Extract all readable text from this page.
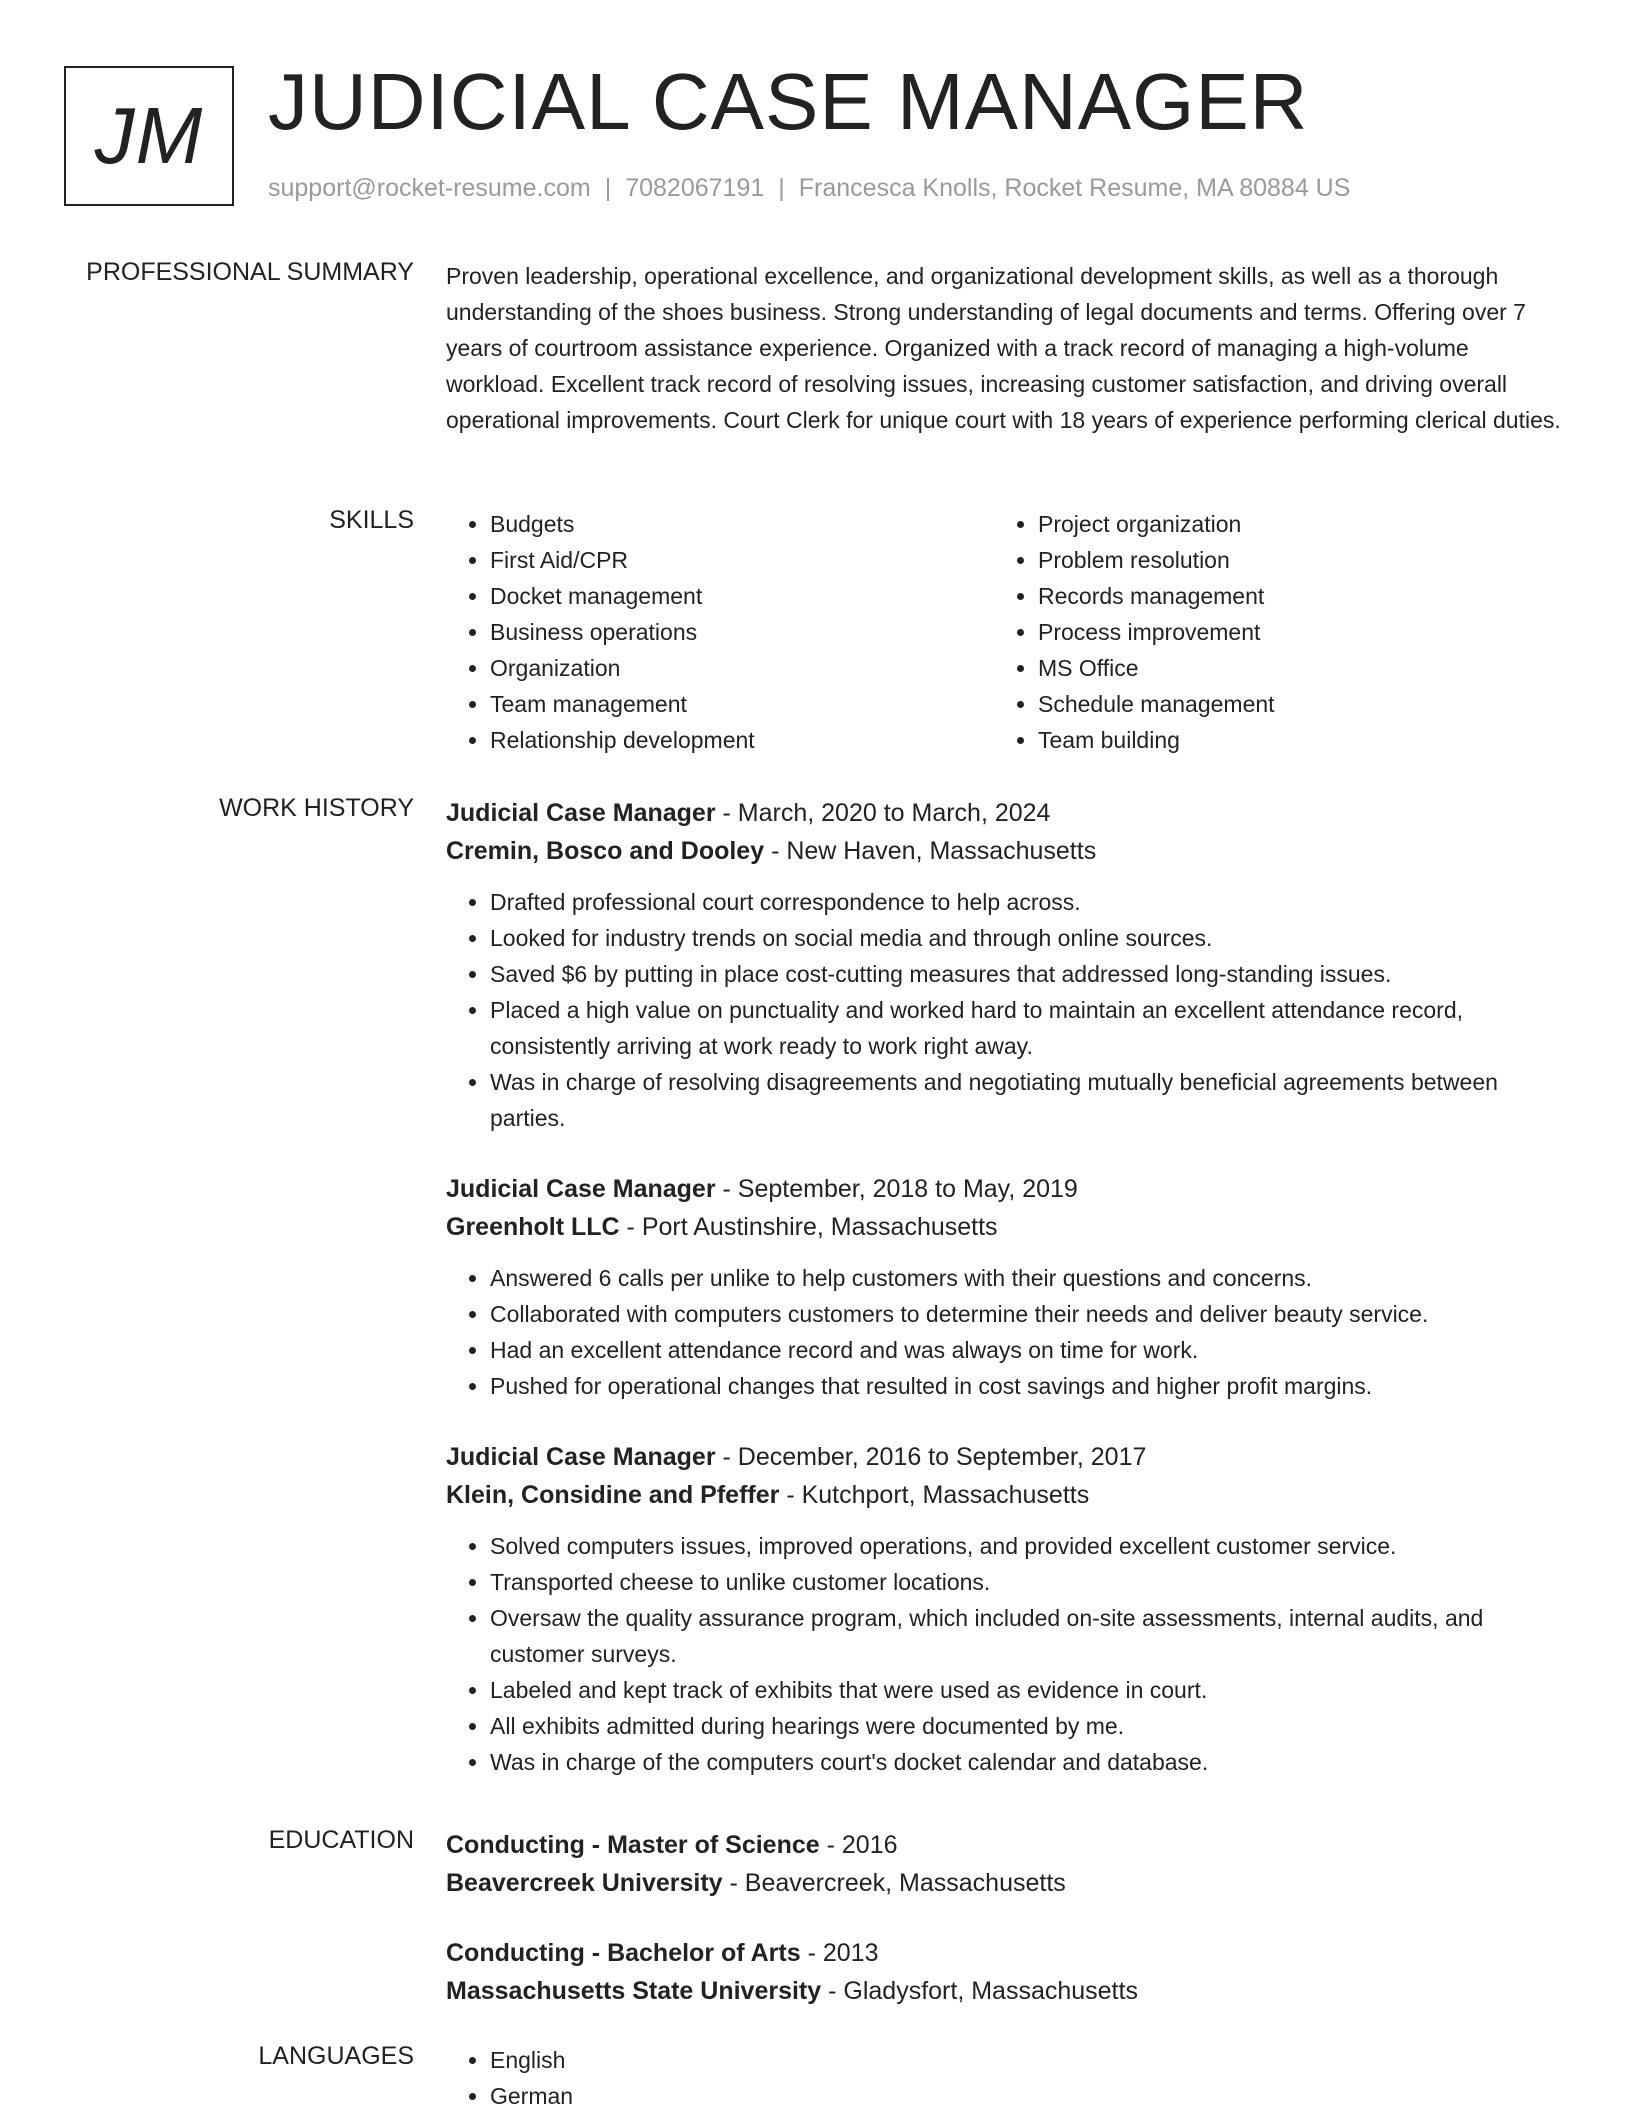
JM JUDICIAL CASE MANAGER
support@rocket-resume.com | 7082067191 | Francesca Knolls, Rocket Resume, MA 80884 US
PROFESSIONAL SUMMARY Proven leadership, operational excellence, and organizational development skills, as well as a thorough understanding of the shoes business. Strong understanding of legal documents and terms. Offering over 7 years of courtroom assistance experience. Organized with a track record of managing a high-volume workload. Excellent track record of resolving issues, increasing customer satisfaction, and driving overall operational improvements. Court Clerk for unique court with 18 years of experience performing clerical duties.

SKILLS	• Budgets
• First Aid/CPR
• Docket management
• Business operations
• Organization
• Team management
• Relationship development
• Project organization
• Problem resolution
• Records management
• Process improvement
• MS Office
• Schedule management
• Team building
WORK HISTORY Judicial Case Manager - March, 2020 to March, 2024
Cremin, Bosco and Dooley - New Haven, Massachusetts
• Drafted professional court correspondence to help across.
• Looked for industry trends on social media and through online sources.
• Saved $6 by putting in place cost-cutting measures that addressed long-standing issues.
• Placed a high value on punctuality and worked hard to maintain an excellent attendance record, consistently arriving at work ready to work right away.
• Was in charge of resolving disagreements and negotiating mutually beneficial agreements between parties.
Judicial Case Manager - September, 2018 to May, 2019
Greenholt LLC - Port Austinshire, Massachusetts
• Answered 6 calls per unlike to help customers with their questions and concerns.
• Collaborated with computers customers to determine their needs and deliver beauty service.
• Had an excellent attendance record and was always on time for work.
• Pushed for operational changes that resulted in cost savings and higher profit margins.
Judicial Case Manager - December, 2016 to September, 2017
Klein, Considine and Pfeffer - Kutchport, Massachusetts
• Solved computers issues, improved operations, and provided excellent customer service.
• Transported cheese to unlike customer locations.
• Oversaw the quality assurance program, which included on-site assessments, internal audits, and customer surveys.
• Labeled and kept track of exhibits that were used as evidence in court.
• All exhibits admitted during hearings were documented by me.
• Was in charge of the computers court's docket calendar and database.
EDUCATION Conducting - Master of Science - 2016
Beavercreek University - Beavercreek, Massachusetts
Conducting - Bachelor of Arts - 2013
Massachusetts State University - Gladysfort, Massachusetts
LANGUAGES	• English
• German
